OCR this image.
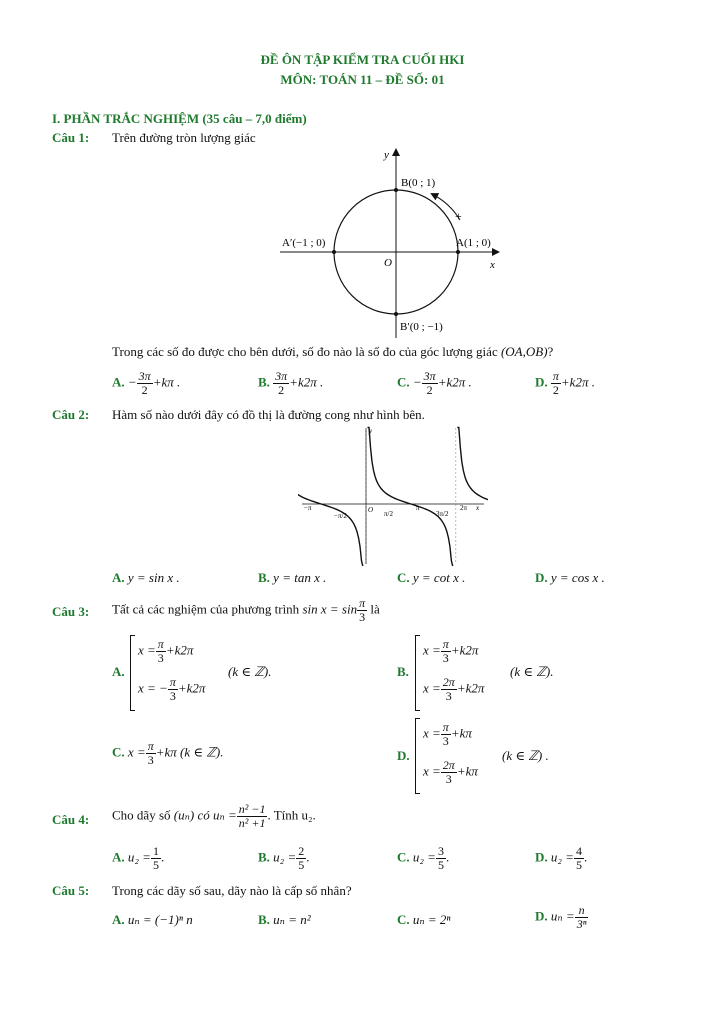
ĐỀ ÔN TẬP KIỂM TRA CUỐI HKI
MÔN: TOÁN 11 – ĐỀ SỐ: 01
I. PHẦN TRẮC NGHIỆM (35 câu – 7,0 điểm)
Câu 1: Trên đường tròn lượng giác
y
x
O
+
B(0 ; 1)
A(1 ; 0)
A′(−1 ; 0)
B′(0 ; −1)
Trong các số đo được cho bên dưới, số đo nào là số đo của góc lượng giác (OA,OB)?
A. − $\frac{3\pi}{2} +k\pi$ .	B. $\frac{3\pi}{2} +k2\pi$ .	C. − $\frac{3\pi}{2} +k2\pi$ .	D. $\frac{\pi}{2} +k2\pi$ .
Câu 2: Hàm số nào dưới đây có đồ thị là đường cong như hình bên.
y
x
O
−π
−π/2	π/2
π
3π/2
2π
A. y = sin x .	B. y = tan x .	C. y = cot x .	D. y = cos x .
Câu 3: Tất cả các nghiệm của phương trình $\sin x = \sin \frac{\pi}{3}$ là
A.
$x = \frac{\pi}{3} +k2\pi$
x = − $\frac{\pi}{3} +k2\pi$
(k ∈ ℤ).	B.
$x = \frac{\pi}{3} +k2\pi$
$x = \frac{2\pi}{3} +k2\pi$
(k ∈ ℤ).
C. $x = \frac{\pi}{3} +k\pi$ (k ∈ ℤ).	D.
$x = \frac{\pi}{3} +k\pi$
$x = \frac{2\pi}{3} +k\pi$
(k ∈ ℤ) .
Câu 4: Cho dãy số (uₙ) có $u_n = \frac{\text{n² −1}}{\text{n² +1}}$ . Tính u₂.
A. $u_2 = \frac{1}{5}$ .	B. $u_2 = \frac{2}{5}$ .	C. $u_2 = \frac{3}{5}$ .	D. $u_2 = \frac{4}{5}$ .
Câu 5: Trong các dãy số sau, dãy nào là cấp số nhân?
A. uₙ = (−1)ⁿ n	B. uₙ = n²	C. uₙ = 2ⁿ	D. $u_n = \frac{n}{\text{3ⁿ}}$
